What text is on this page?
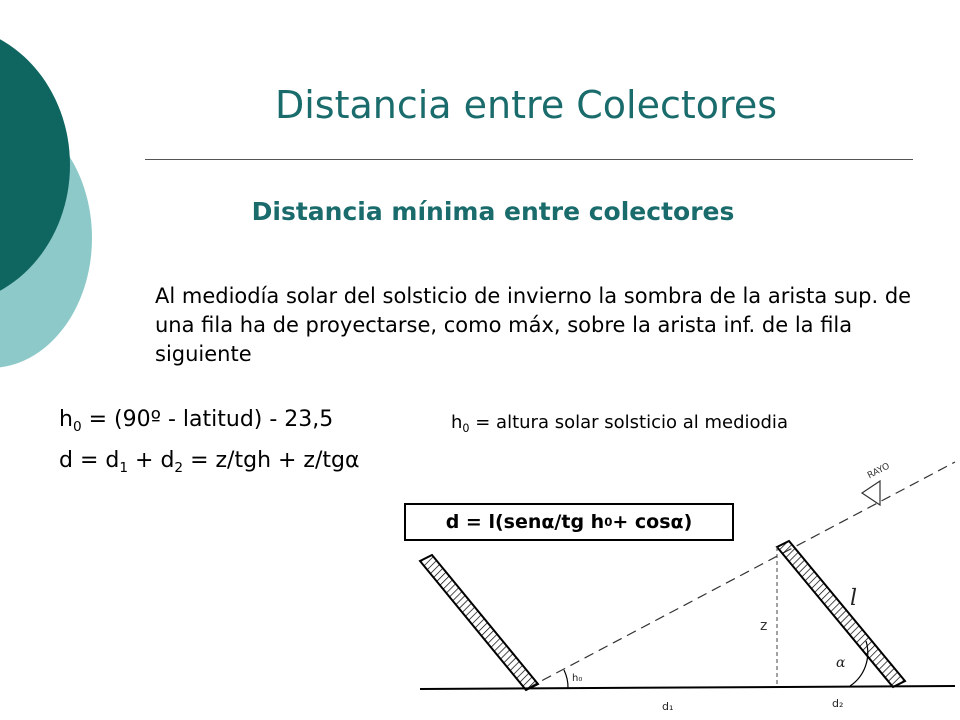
Distancia entre Colectores
Distancia mínima entre colectores
Al mediodía solar del solsticio de invierno la sombra de la arista sup. de una fila ha de proyectarse, como máx, sobre la arista inf. de la fila siguiente
$h_0$ = (90º - latitud) - 23,5	$h_0$ = altura solar solsticio al mediodia
$d = d_1 + d_2 = z/tgh + z/tg\alpha$	RAYO
z
l
α
h₀
d₁	d₂
d = l(sen α /tg h 0 + cos α )
